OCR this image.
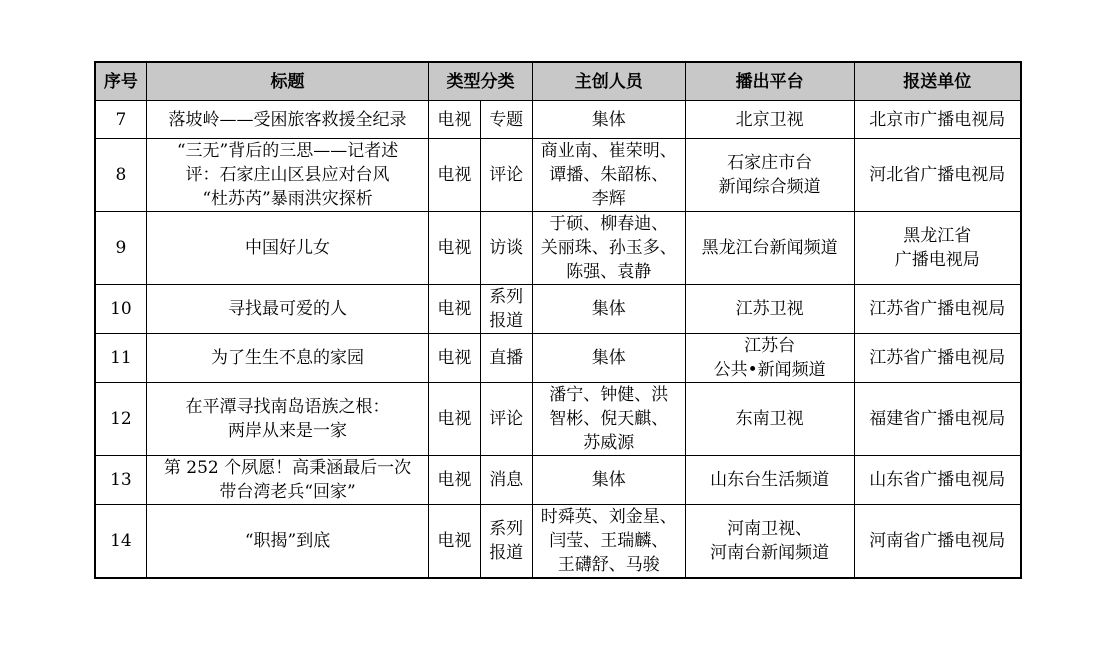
序号	标题	类型分类		主创人员	播出平台	报送单位
7	落坡岭——受困旅客救援全纪录	电视	专题	集体	北京卫视	北京市广播电视局

8	“三无”背后的三思——记者述
评：石家庄山区县应对台风
“杜苏芮”暴雨洪灾探析	电视	评论	商业南、崔荣明、
谭播、朱韶栋、
李辉	石家庄市台
新闻综合频道	河北省广播电视局

9	中国好儿女	电视	访谈	于硕、柳春迪、
关丽珠、孙玉多、
陈强、袁静	黑龙江台新闻频道	黑龙江省
广播电视局

10	寻找最可爱的人	电视	系列
报道	集体	江苏卫视	江苏省广播电视局

11	为了生生不息的家园	电视	直播	集体	江苏台
公共•新闻频道	江苏省广播电视局

12	在平潭寻找南岛语族之根：
两岸从来是一家	电视	评论	潘宁、钟健、洪
智彬、倪天麒、
苏威源	东南卫视	福建省广播电视局

13	第 252 个夙愿！高秉涵最后一次
带台湾老兵“回家”	电视	消息	集体	山东台生活频道	山东省广播电视局

14	“职揭”到底	电视	系列
报道	时舜英、刘金星、
闫莹、王瑞麟、
王礴舒、马骏	河南卫视、
河南台新闻频道	河南省广播电视局
